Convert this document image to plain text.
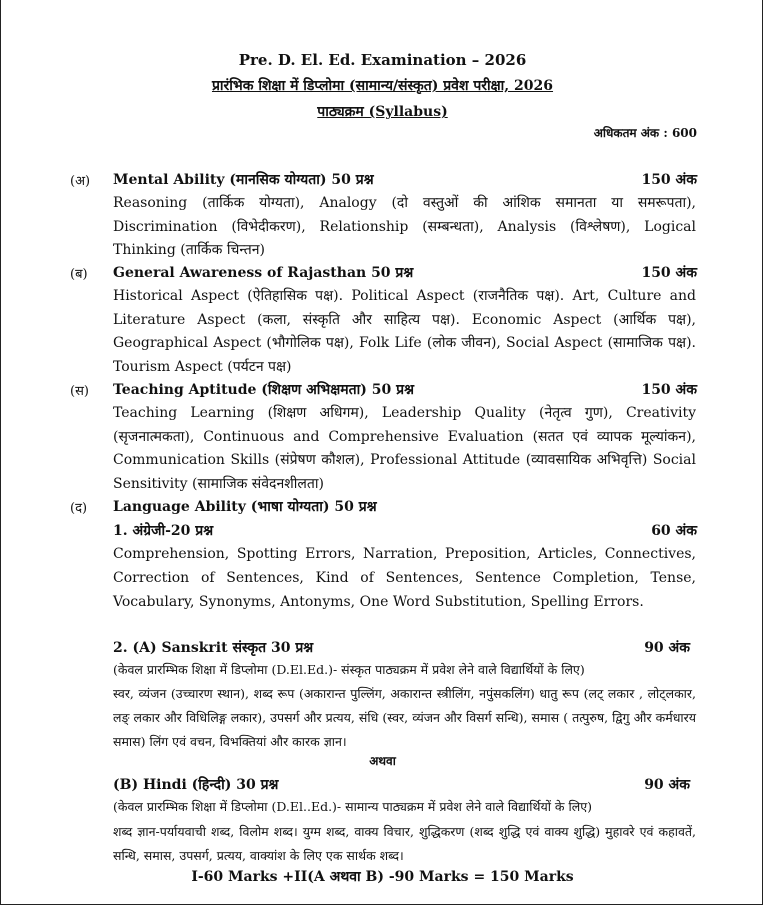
Pre. D. El. Ed. Examination – 2026
प्रारंभिक शिक्षा में डिप्लोमा (सामान्य/संस्कृत) प्रवेश परीक्षा, 2026
पाठ्यक्रम (Syllabus)
अधिकतम अंक : 600
(अ) Mental Ability (मानसिक योग्यता) 50 प्रश्न	150 अंक
Reasoning (तार्किक योग्यता), Analogy (दो वस्तुओं की आंशिक समानता या समरूपता), Discrimination (विभेदीकरण), Relationship (सम्बन्धता), Analysis (विश्लेषण), Logical Thinking (तार्किक चिन्तन)
(ब) General Awareness of Rajasthan 50 प्रश्न	150 अंक
Historical Aspect (ऐतिहासिक पक्ष). Political Aspect (राजनैतिक पक्ष). Art, Culture and Literature Aspect (कला, संस्कृति और साहित्य पक्ष). Economic Aspect (आर्थिक पक्ष), Geographical Aspect (भौगोलिक पक्ष), Folk Life (लोक जीवन), Social Aspect (सामाजिक पक्ष). Tourism Aspect (पर्यटन पक्ष)
(स) Teaching Aptitude (शिक्षण अभिक्षमता) 50 प्रश्न	150 अंक
Teaching Learning (शिक्षण अधिगम), Leadership Quality (नेतृत्व गुण), Creativity (सृजनात्मकता), Continuous and Comprehensive Evaluation (सतत एवं व्यापक मूल्यांकन), Communication Skills (संप्रेषण कौशल), Professional Attitude (व्यावसायिक अभिवृत्ति) Social Sensitivity (सामाजिक संवेदनशीलता)
(द) Language Ability (भाषा योग्यता) 50 प्रश्न
1. अंग्रेजी-20 प्रश्न	60 अंक
Comprehension, Spotting Errors, Narration, Preposition, Articles, Connectives, Correction of Sentences, Kind of Sentences, Sentence Completion, Tense, Vocabulary, Synonyms, Antonyms, One Word Substitution, Spelling Errors.
2. (A) Sanskrit संस्कृत 30 प्रश्न	90 अंक
(केवल प्रारम्भिक शिक्षा में डिप्लोमा (D.El.Ed.)- संस्कृत पाठ्यक्रम में प्रवेश लेने वाले विद्यार्थियों के लिए)
स्वर, व्यंजन (उच्चारण स्थान), शब्द रूप (अकारान्त पुल्लिंग, अकारान्त स्त्रीलिंग, नपुंसकलिंग) धातु रूप (लट् लकार , लोट्लकार, लङ् लकार और विधिलिङ्ग लकार), उपसर्ग और प्रत्यय, संधि (स्वर, व्यंजन और विसर्ग सन्धि), समास ( तत्पुरुष, द्विगु और कर्मधारय समास) लिंग एवं वचन, विभक्तियां और कारक ज्ञान।
अथवा
(B) Hindi (हिन्दी) 30 प्रश्न	90 अंक
(केवल प्रारम्भिक शिक्षा में डिप्लोमा (D.El..Ed.)- सामान्य पाठ्यक्रम में प्रवेश लेने वाले विद्यार्थियों के लिए)
शब्द ज्ञान-पर्यायवाची शब्द, विलोम शब्द। युग्म शब्द, वाक्य विचार, शुद्धिकरण (शब्द शुद्धि एवं वाक्य शुद्धि) मुहावरे एवं कहावतें, सन्धि, समास, उपसर्ग, प्रत्यय, वाक्यांश के लिए एक सार्थक शब्द।
I-60 Marks +II(A अथवा B) -90 Marks = 150 Marks
